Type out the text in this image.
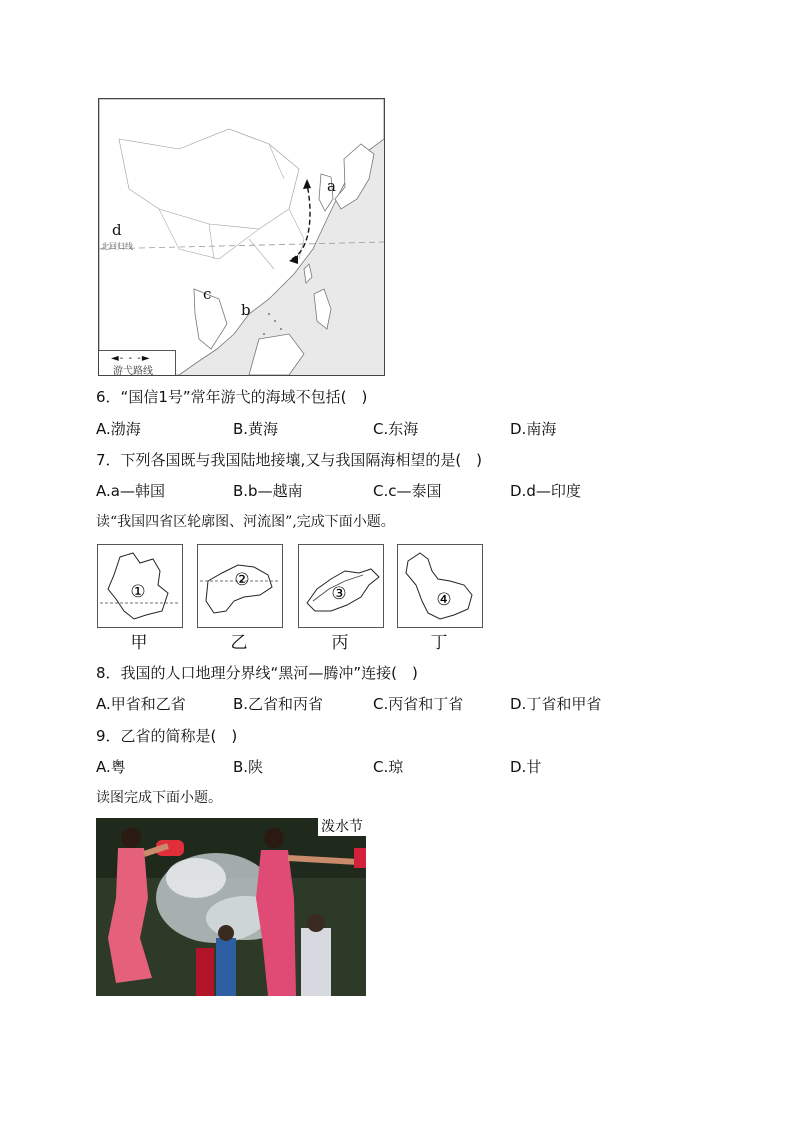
a
d
c
b
北回归线
◄- - -►
游弋路线
6．“国信1号”常年游弋的海域不包括(　)
A.渤海	B.黄海	C.东海	D.南海
7．下列各国既与我国陆地接壤,又与我国隔海相望的是(　)
A.a—韩国	B.b—越南	C.c—泰国	D.d—印度
读“我国四省区轮廓图、河流图”,完成下面小题。
①
②
③	④
甲	乙	丙	丁
8．我国的人口地理分界线“黑河—腾冲”连接(　)
A.甲省和乙省	B.乙省和丙省	C.丙省和丁省	D.丁省和甲省
9．乙省的简称是(　)
A.粤	B.陕	C.琼	D.甘
读图完成下面小题。
泼水节
